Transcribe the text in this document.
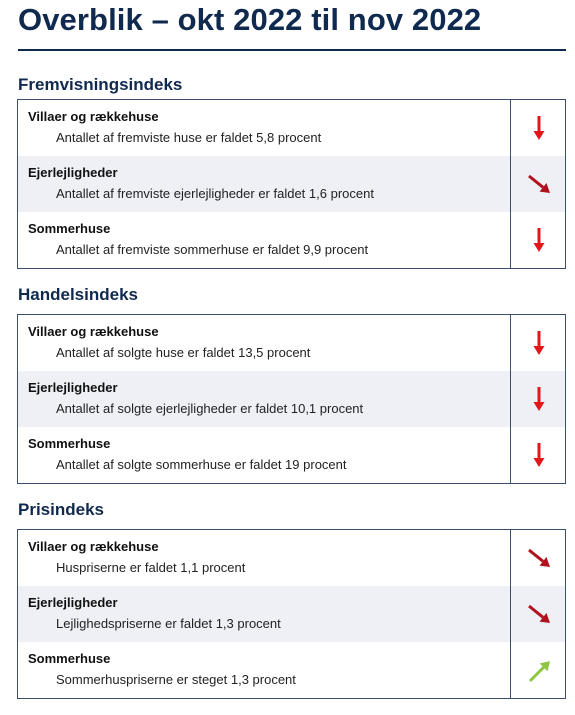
Overblik – okt 2022 til nov 2022
Fremvisningsindeks
Villaer og rækkehuse
Antallet af fremviste huse er faldet 5,8 procent
Ejerlejligheder
Antallet af fremviste ejerlejligheder er faldet 1,6 procent
Sommerhuse
Antallet af fremviste sommerhuse er faldet 9,9 procent
Handelsindeks
Villaer og rækkehuse
Antallet af solgte huse er faldet 13,5 procent
Ejerlejligheder
Antallet af solgte ejerlejligheder er faldet 10,1 procent
Sommerhuse
Antallet af solgte sommerhuse er faldet 19 procent
Prisindeks
Villaer og rækkehuse
Huspriserne er faldet 1,1 procent
Ejerlejligheder
Lejlighedspriserne er faldet 1,3 procent
Sommerhuse
Sommerhuspriserne er steget 1,3 procent
